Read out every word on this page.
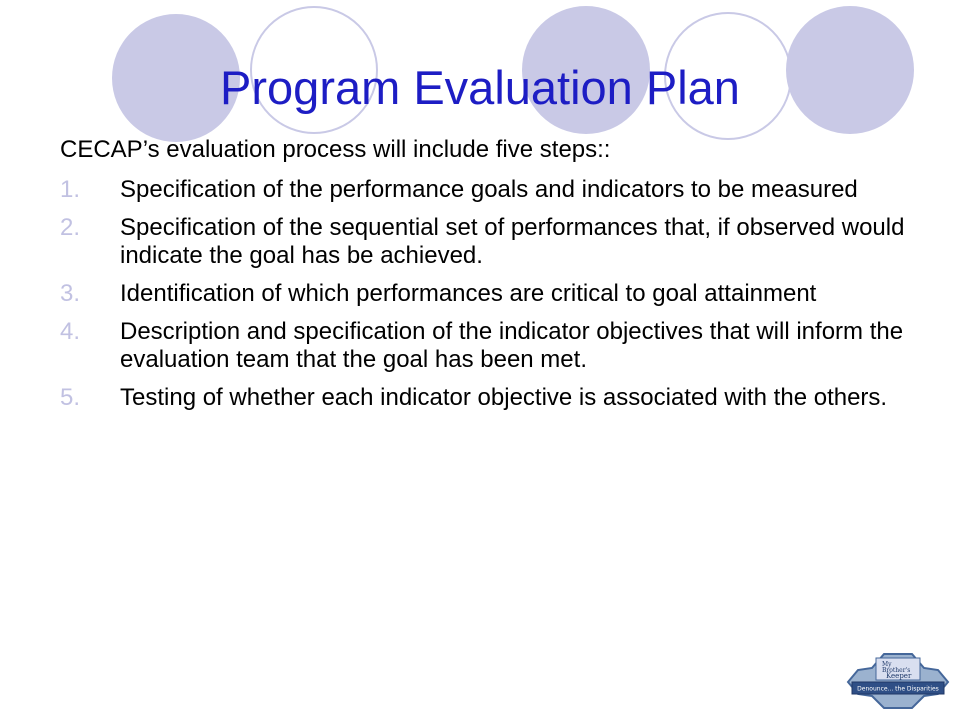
Program Evaluation Plan
CECAP’s evaluation process will include five steps::
1. Specification of the performance goals and indicators to be measured
2. Specification of the sequential set of performances that, if observed would indicate the goal has be achieved.
3. Identification of which performances are critical to goal attainment
4. Description and specification of the indicator objectives that will inform the evaluation team that the goal has been met.
5. Testing of whether each indicator objective is associated with the others.
My
Brother's
Keeper
Denounce... the Disparities
